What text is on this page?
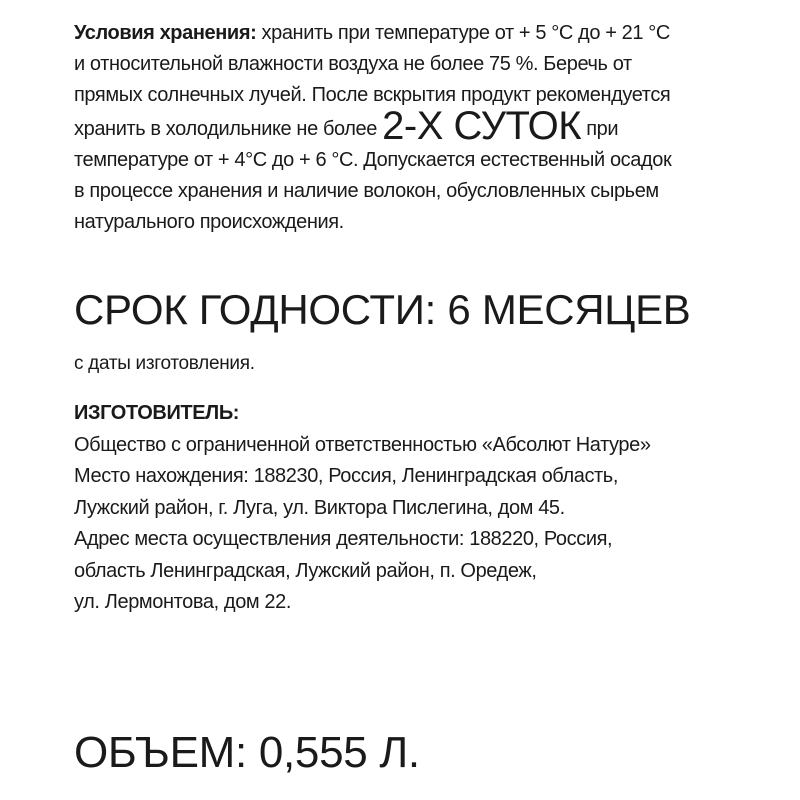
Условия хранения: хранить при температуре от + 5 °С до + 21 °С
и относительной влажности воздуха не более 75 %. Беречь от
прямых солнечных лучей. После вскрытия продукт рекомендуется
хранить в холодильнике не более 2-Х СУТОК при
температуре от + 4°С до + 6 °С. Допускается естественный осадок
в процессе хранения и наличие волокон, обусловленных сырьем
натурального происхождения.
СРОК ГОДНОСТИ: 6 МЕСЯЦЕВ
с даты изготовления.
ИЗГОТОВИТЕЛЬ:
Общество с ограниченной ответственностью «Абсолют Натуре»
Место нахождения: 188230, Россия, Ленинградская область,
Лужский район, г. Луга, ул. Виктора Пислегина, дом 45.
Адрес места осуществления деятельности: 188220, Россия,
область Ленинградская, Лужский район, п. Оредеж,
ул. Лермонтова, дом 22.
ОБЪЕМ: 0,555 Л.
